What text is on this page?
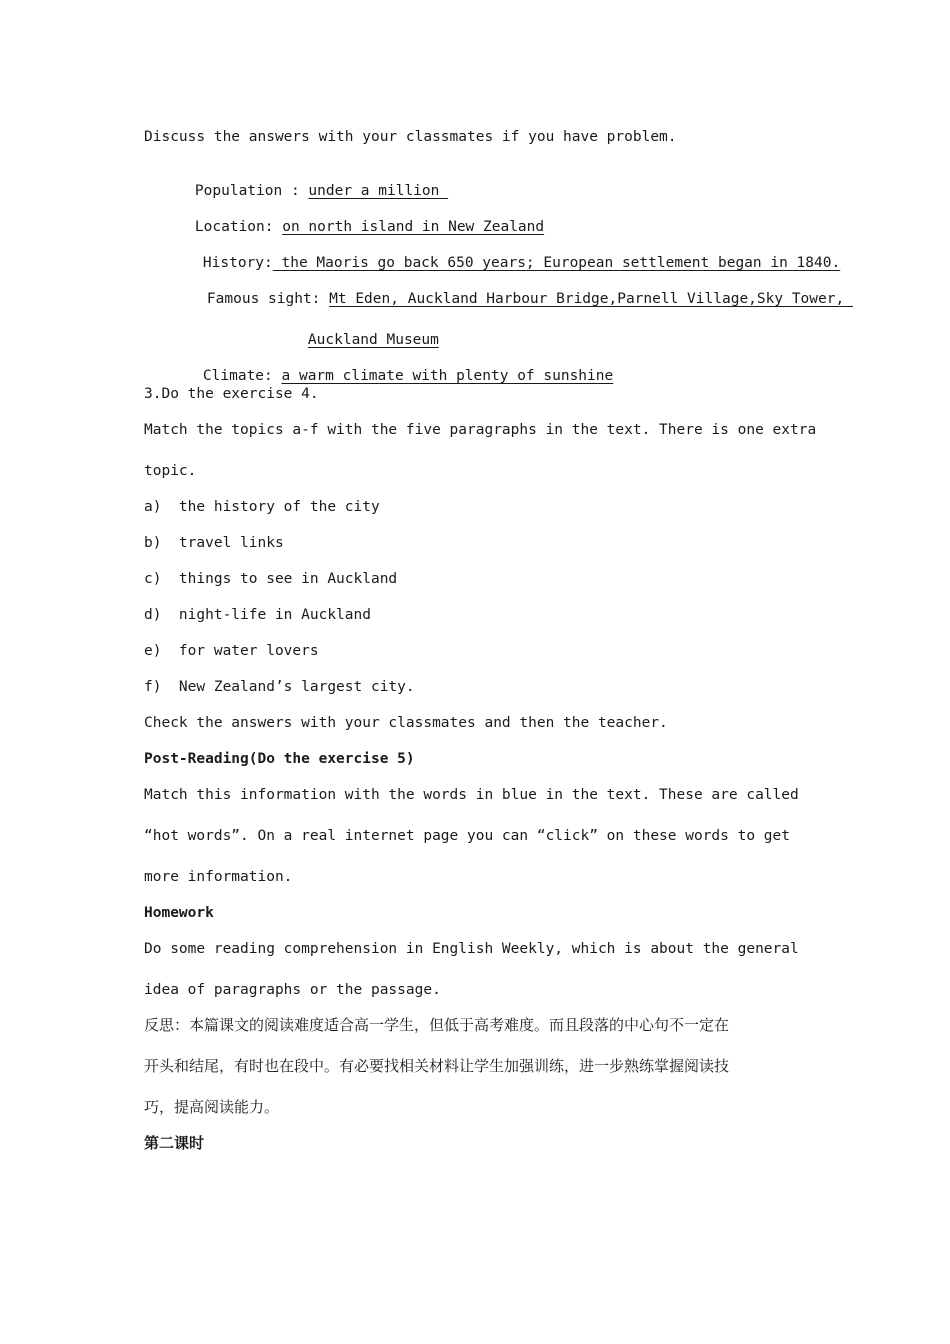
Discuss the answers with your classmates if you have problem.

Population : under a million

Location: on north island in New Zealand

History: the Maoris go back 650 years; European settlement began in 1840.

Famous sight: Mt Eden, Auckland Harbour Bridge,Parnell Village,Sky Tower,

Auckland Museum

Climate: a warm climate with plenty of sunshine

3.Do the exercise 4.
Match the topics a-f with the five paragraphs in the text. There is one extra
topic.
a)  the history of the city
b)  travel links
c)  things to see in Auckland
d)  night-life in Auckland
e)  for water lovers
f)  New Zealand’s largest city.
Check the answers with your classmates and then the teacher.
Post-Reading(Do the exercise 5)
Match this information with the words in blue in the text. These are called
“hot words”. On a real internet page you can “click” on these words to get
more information.
Homework
Do some reading comprehension in English Weekly, which is about the general
idea of paragraphs or the passage.
反思：本篇课文的阅读难度适合高一学生，但低于高考难度。而且段落的中心句不一定在
开头和结尾，有时也在段中。有必要找相关材料让学生加强训练，进一步熟练掌握阅读技
巧，提高阅读能力。
第二课时
